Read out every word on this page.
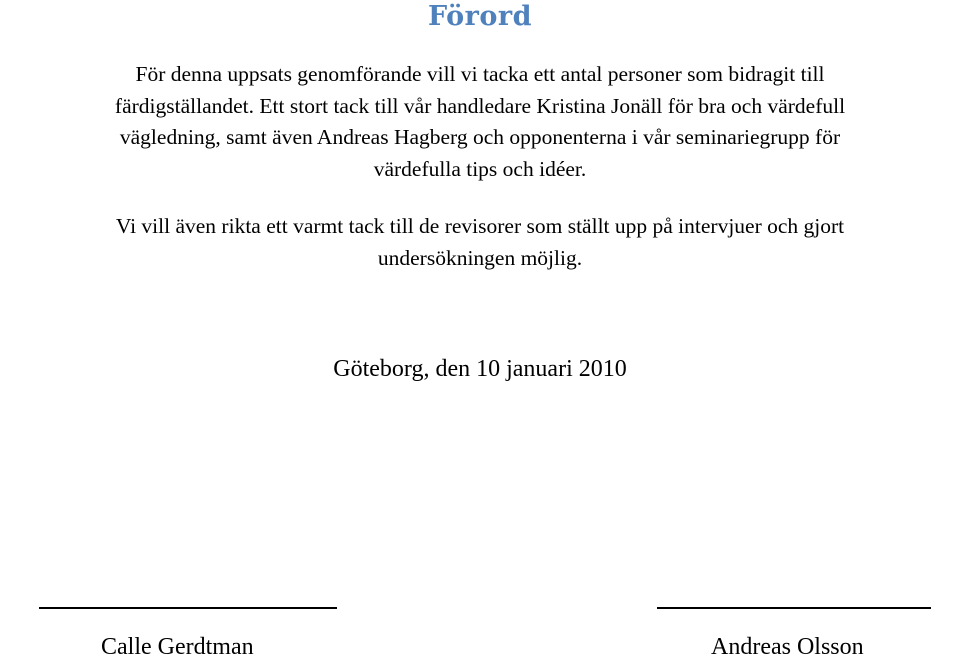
Förord
För denna uppsats genomförande vill vi tacka ett antal personer som bidragit till
färdigställandet. Ett stort tack till vår handledare Kristina Jonäll för bra och värdefull
vägledning, samt även Andreas Hagberg och opponenterna i vår seminariegrupp för
värdefulla tips och idéer.
Vi vill även rikta ett varmt tack till de revisorer som ställt upp på intervjuer och gjort
undersökningen möjlig.
Göteborg, den 10 januari 2010
Calle Gerdtman	Andreas Olsson
